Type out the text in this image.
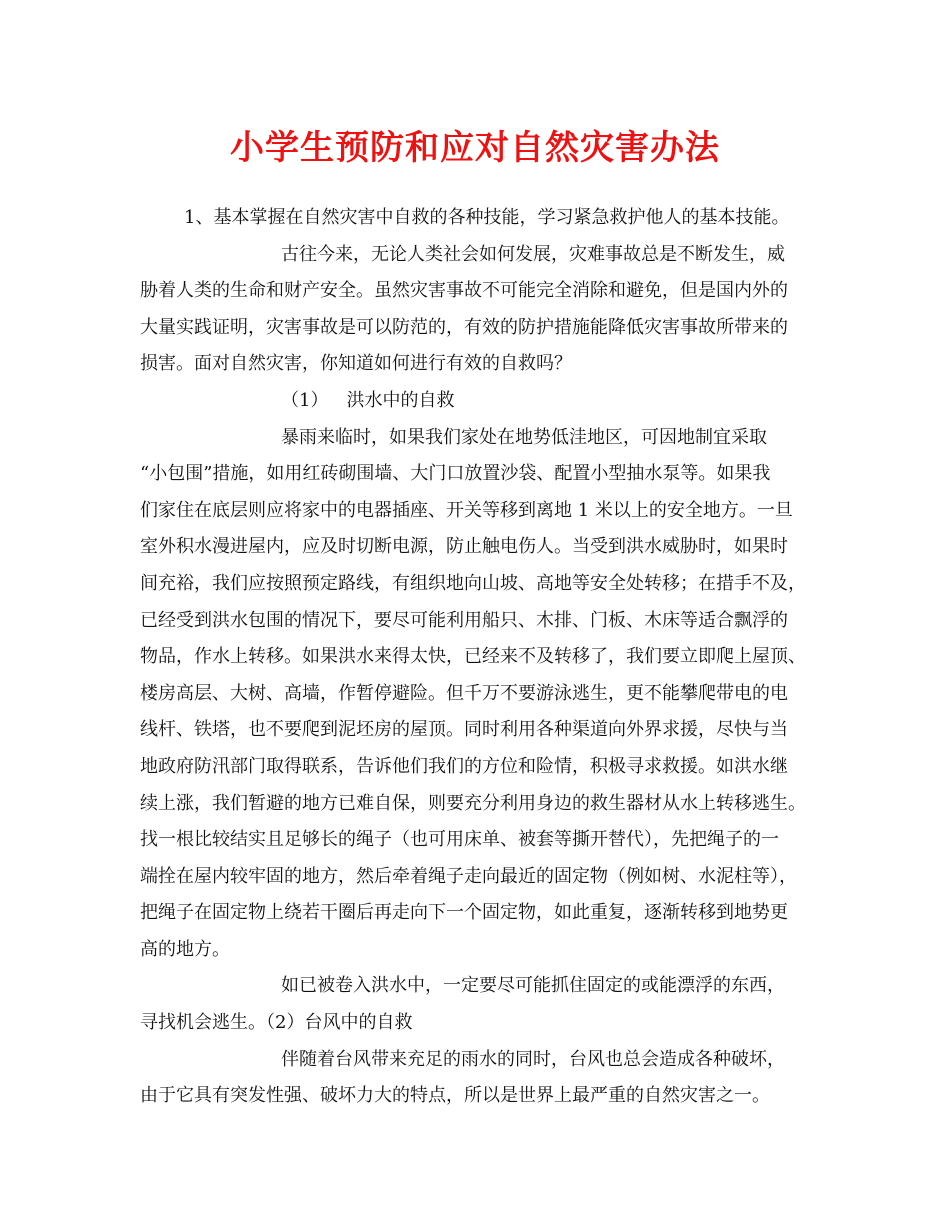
小学生预防和应对自然灾害办法
1、基本掌握在自然灾害中自救的各种技能，学习紧急救护他人的基本技能。
古往今来，无论人类社会如何发展，灾难事故总是不断发生，威
胁着人类的生命和财产安全。虽然灾害事故不可能完全消除和避免，但是国内外的
大量实践证明，灾害事故是可以防范的，有效的防护措施能降低灾害事故所带来的
损害。面对自然灾害，你知道如何进行有效的自救吗？
（1） 洪水中的自救
暴雨来临时，如果我们家处在地势低洼地区，可因地制宜采取
“小包围”措施，如用红砖砌围墙、大门口放置沙袋、配置小型抽水泵等。如果我
们家住在底层则应将家中的电器插座、开关等移到离地 1 米以上的安全地方。一旦
室外积水漫进屋内，应及时切断电源，防止触电伤人。当受到洪水威胁时，如果时
间充裕，我们应按照预定路线，有组织地向山坡、高地等安全处转移；在措手不及，
已经受到洪水包围的情况下，要尽可能利用船只、木排、门板、木床等适合飘浮的
物品，作水上转移。如果洪水来得太快，已经来不及转移了，我们要立即爬上屋顶、
楼房高层、大树、高墙，作暂停避险。但千万不要游泳逃生，更不能攀爬带电的电
线杆、铁塔，也不要爬到泥坯房的屋顶。同时利用各种渠道向外界求援，尽快与当
地政府防汛部门取得联系，告诉他们我们的方位和险情，积极寻求救援。如洪水继
续上涨，我们暂避的地方已难自保，则要充分利用身边的救生器材从水上转移逃生。
找一根比较结实且足够长的绳子（也可用床单、被套等撕开替代），先把绳子的一
端拴在屋内较牢固的地方，然后牵着绳子走向最近的固定物（例如树、水泥柱等），
把绳子在固定物上绕若干圈后再走向下一个固定物，如此重复，逐渐转移到地势更
高的地方。
如已被卷入洪水中，一定要尽可能抓住固定的或能漂浮的东西，
寻找机会逃生。（2）台风中的自救
伴随着台风带来充足的雨水的同时，台风也总会造成各种破坏，
由于它具有突发性强、破坏力大的特点，所以是世界上最严重的自然灾害之一。
